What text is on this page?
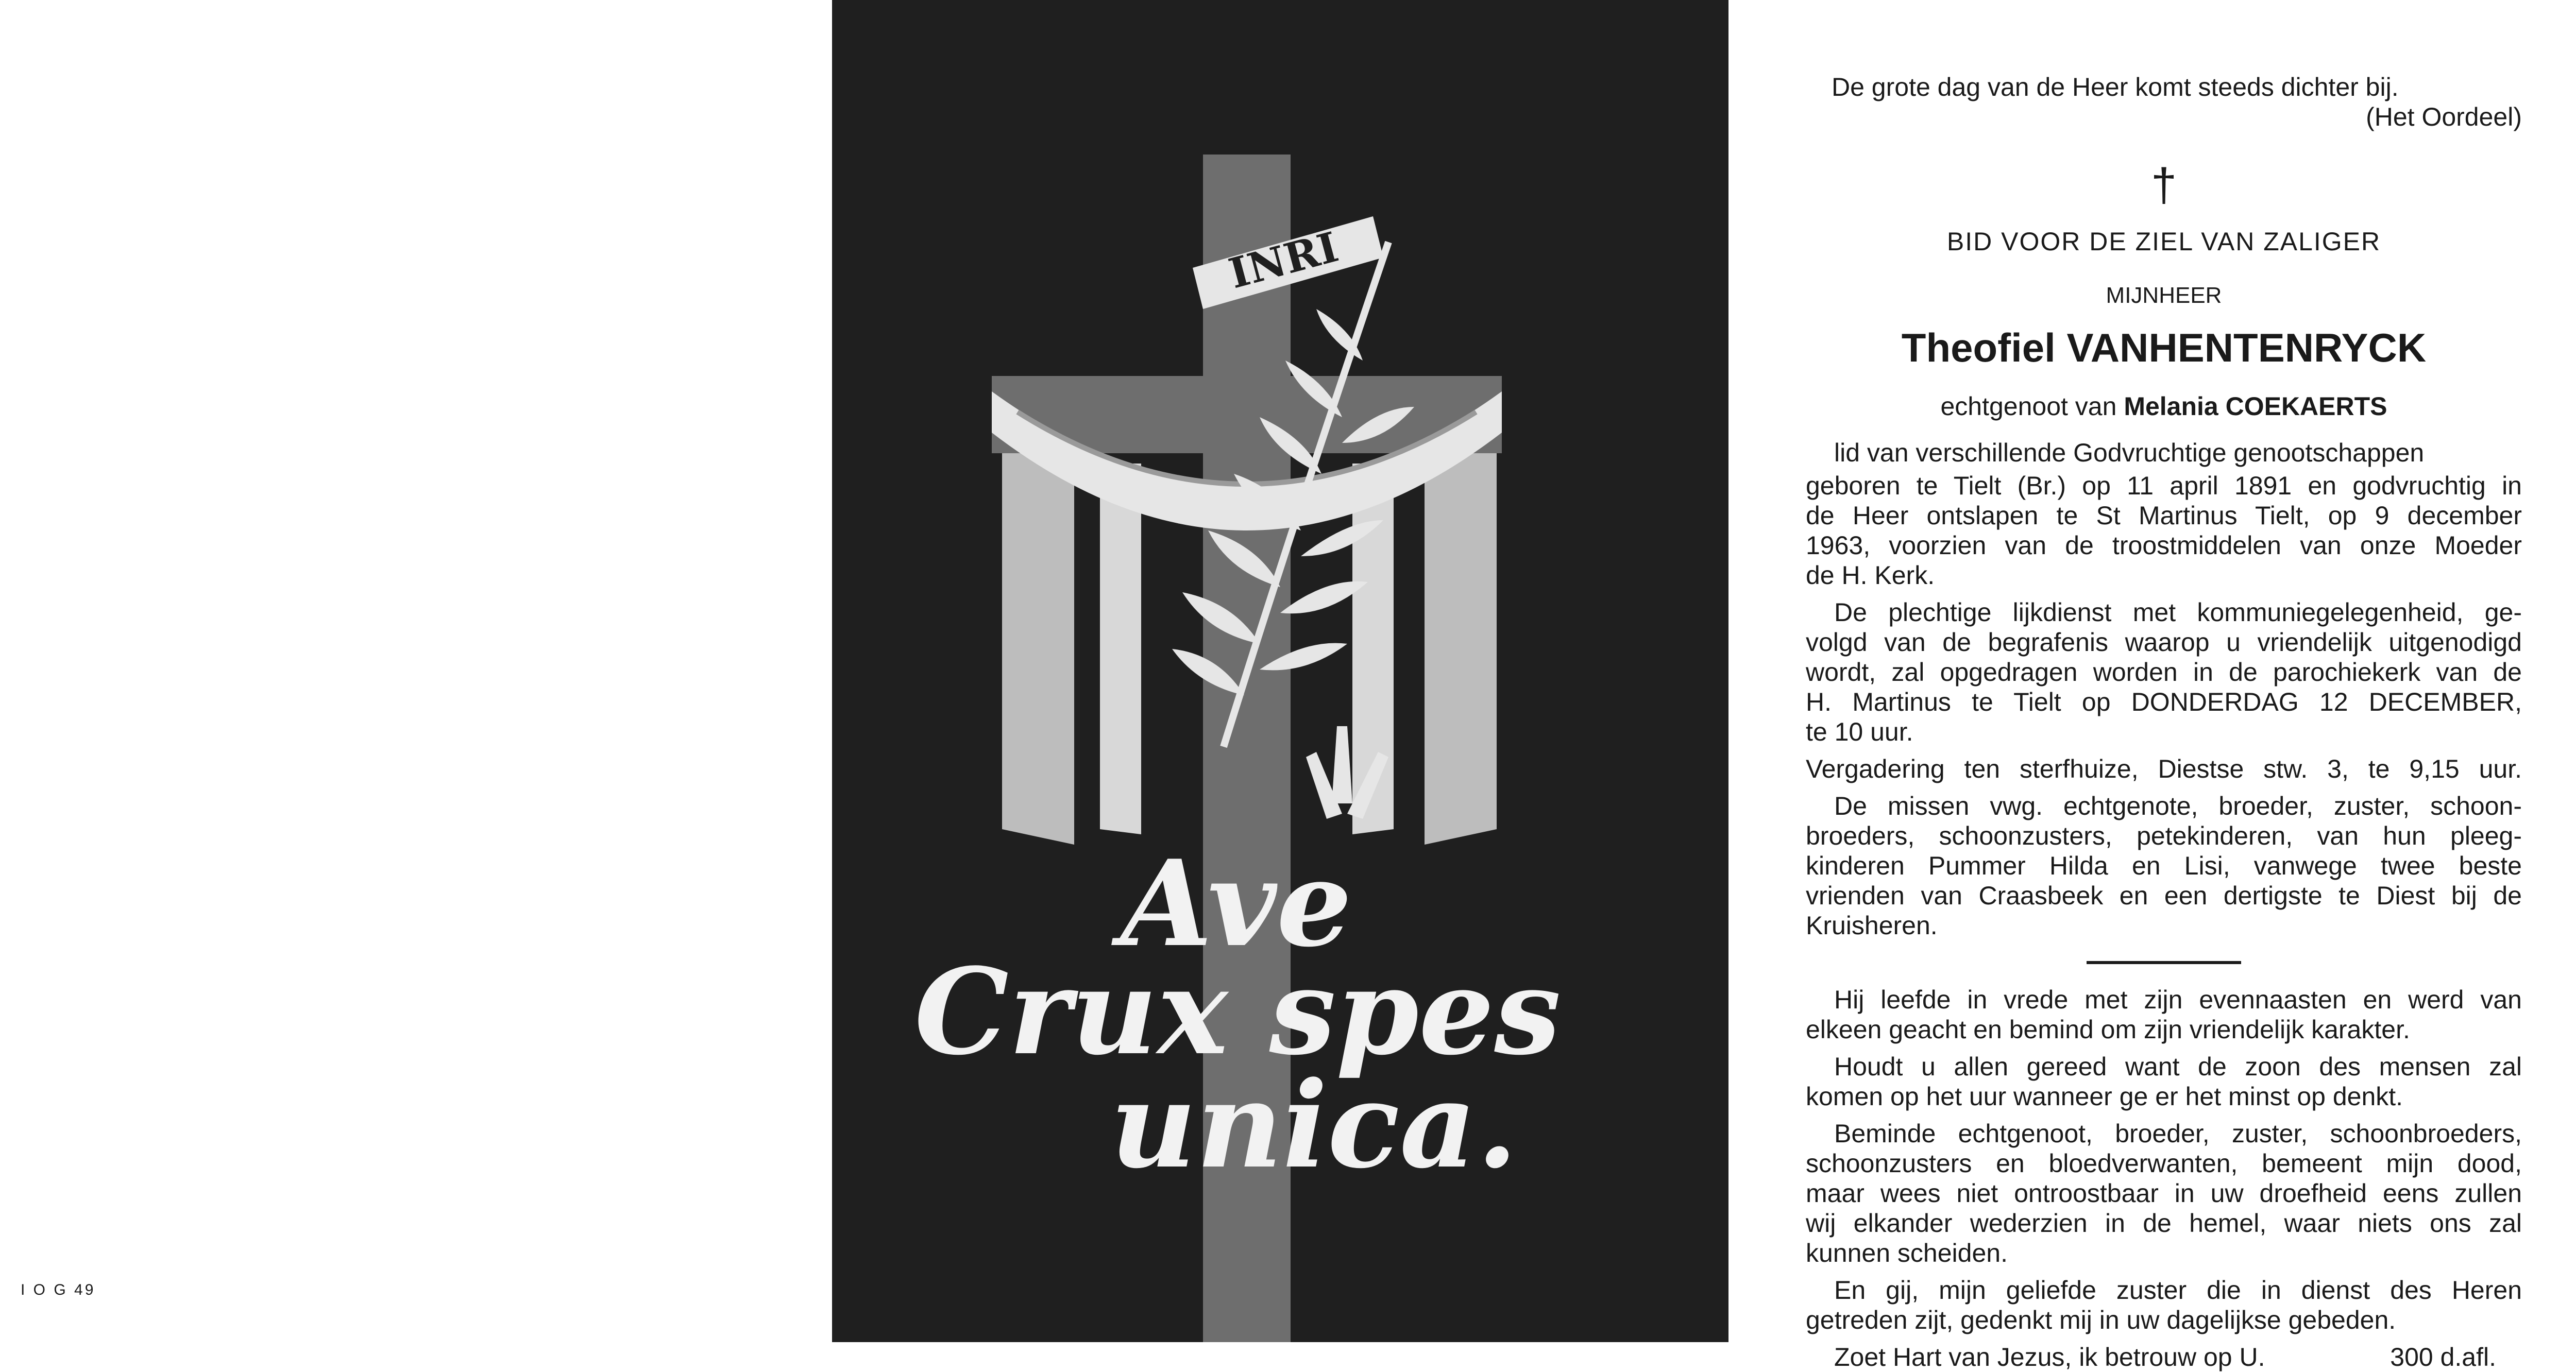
I O G 49
INRI
Ave
Crux spes
unica.
De grote dag van de Heer komt steeds dichter bij.
(Het Oordeel)
†
BID VOOR DE ZIEL VAN ZALIGER
MIJNHEER
Theofiel VANHENTENRYCK
echtgenoot van Melania COEKAERTS
lid van verschillende Godvruchtige genootschappen
geboren te Tielt (Br.) op 11 april 1891 en godvruchtig in
de Heer ontslapen te St Martinus Tielt, op 9 december
1963, voorzien van de troostmiddelen van onze Moeder
de H. Kerk.
De plechtige lijkdienst met kommuniegelegenheid, ge-
volgd van de begrafenis waarop u vriendelijk uitgenodigd
wordt, zal opgedragen worden in de parochiekerk van de
H. Martinus te Tielt op DONDERDAG 12 DECEMBER,
te 10 uur.
Vergadering ten sterfhuize, Diestse stw. 3, te 9,15 uur.
De missen vwg. echtgenote, broeder, zuster, schoon-
broeders, schoonzusters, petekinderen, van hun pleeg-
kinderen Pummer Hilda en Lisi, vanwege twee beste
vrienden van Craasbeek en een dertigste te Diest bij de
Kruisheren.
Hij leefde in vrede met zijn evennaasten en werd van
elkeen geacht en bemind om zijn vriendelijk karakter.
Houdt u allen gereed want de zoon des mensen zal
komen op het uur wanneer ge er het minst op denkt.
Beminde echtgenoot, broeder, zuster, schoonbroeders,
schoonzusters en bloedverwanten, bemeent mijn dood,
maar wees niet ontroostbaar in uw droefheid eens zullen
wij elkander wederzien in de hemel, waar niets ons zal
kunnen scheiden.
En gij, mijn geliefde zuster die in dienst des Heren
getreden zijt, gedenkt mij in uw dagelijkse gebeden.
Zoet Hart van Jezus, ik betrouw op U.	300 d.afl.
